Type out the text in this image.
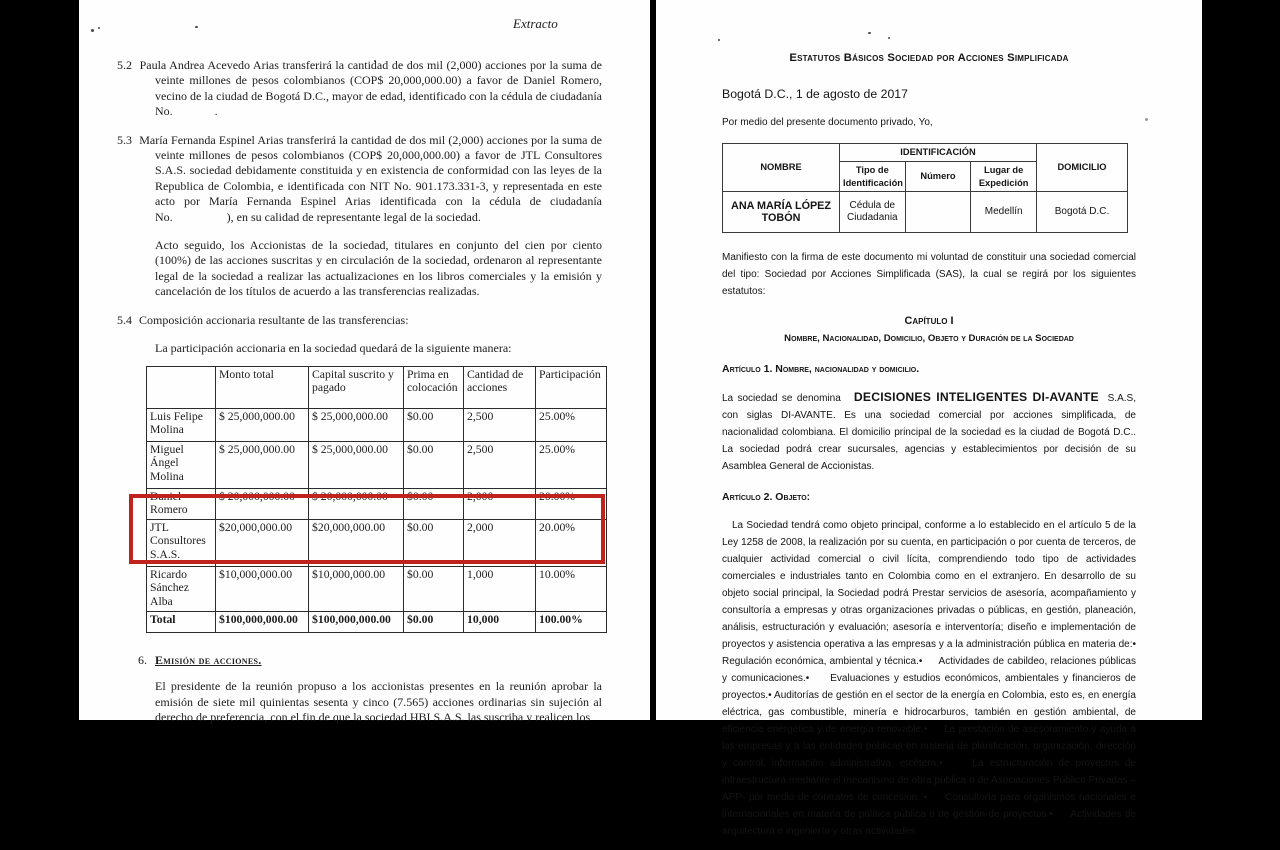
Extracto

5.2 Paula Andrea Acevedo Arias transferirá la cantidad de dos mil (2,000) acciones por la suma de veinte millones de pesos colombianos (COP$ 20,000,000.00) a favor de Daniel Romero, vecino de la ciudad de Bogotá D.C., mayor de edad, identificado con la cédula de ciudadanía No.              .

5.3 María Fernanda Espinel Arias transferirá la cantidad de dos mil (2,000) acciones por la suma de veinte millones de pesos colombianos (COP$ 20,000,000.00) a favor de JTL Consultores S.A.S. sociedad debidamente constituida y en existencia de conformidad con las leyes de la Republica de Colombia, e identificada con NIT No. 901.173.331-3, y representada en este acto por María Fernanda Espinel Arias identificada con la cédula de ciudadanía No.                  ), en su calidad de representante legal de la sociedad.

Acto seguido, los Accionistas de la sociedad, titulares en conjunto del cien por ciento (100%) de las acciones suscritas y en circulación de la sociedad, ordenaron al representante legal de la sociedad a realizar las actualizaciones en los libros comerciales y la emisión y cancelación de los títulos de acuerdo a las transferencias realizadas.

5.4 Composición accionaria resultante de las transferencias:

La participación accionaria en la sociedad quedará de la siguiente manera:

	Monto total	Capital suscrito y pagado	Prima en colocación	Cantidad de acciones	Participación
Luis Felipe Molina	$ 25,000,000.00	$ 25,000,000.00	$0.00	2,500	25.00%
Miguel Ángel Molina	$ 25,000,000.00	$ 25,000,000.00	$0.00	2,500	25.00%
Daniel Romero	$ 20,000,000.00	$ 20,000,000.00	$0.00	2,000	20.00%
JTL Consultores S.A.S.	$20,000,000.00	$20,000,000.00	$0.00	2,000	20.00%
Ricardo Sánchez Alba	$10,000,000.00	$10,000,000.00	$0.00	1,000	10.00%
Total	$100,000,000.00	$100,000,000.00	$0.00	10,000	100.00%

6. Emisión de acciones.

El presidente de la reunión propuso a los accionistas presentes en la reunión aprobar la emisión de siete mil quinientas sesenta y cinco (7.565) acciones ordinarias sin sujeción al derecho de preferencia, con el fin de que la sociedad HBI S.A.S. las suscriba y realicen los

Estatutos Básicos Sociedad por Acciones Simplificada
Bogotá D.C., 1 de agosto de 2017
Por medio del presente documento privado, Yo,
NOMBRE	IDENTIFICACIÓN			DOMICILIO
	Tipo de Identificación	Número	Lugar de Expedición	
ANA MARÍA LÓPEZ TOBÓN	Cédula de Ciudadania		Medellín	Bogotá D.C.

Manifiesto con la firma de este documento mi voluntad de constituir una sociedad comercial del tipo: Sociedad por Acciones Simplificada (SAS), la cual se regirá por los siguientes estatutos:

Capítulo I
Nombre, Nacionalidad, Domicilio, Objeto y Duración de la Sociedad
Artículo 1. Nombre, nacionalidad y domicilio.

La sociedad se denomina DECISIONES INTELIGENTES DI-AVANTE S.A.S, con siglas DI-AVANTE. Es una sociedad comercial por acciones simplificada, de nacionalidad colombiana. El domicilio principal de la sociedad es la ciudad de Bogotá D.C.. La sociedad podrá crear sucursales, agencias y establecimientos por decisión de su Asamblea General de Accionistas.

Artículo 2. Objeto:

La Sociedad tendrá como objeto principal, conforme a lo establecido en el artículo 5 de la Ley 1258 de 2008, la realización por su cuenta, en participación o por cuenta de terceros, de cualquier actividad comercial o civil lícita, comprendiendo todo tipo de actividades comerciales e industriales tanto en Colombia como en el extranjero. En desarrollo de su objeto social principal, la Sociedad podrá Prestar servicios de asesoría, acompañamiento y consultoría a empresas y otras organizaciones privadas o públicas, en gestión, planeación, análisis, estructuración y evaluación; asesoría e interventoría; diseño e implementación de proyectos y asistencia operativa a las empresas y a la administración pública en materia de:• Regulación económica, ambiental y técnica.•     Actividades de cabildeo, relaciones públicas y comunicaciones.•     Evaluaciones y estudios económicos, ambientales y financieros de proyectos.• Auditorías de gestión en el sector de la energía en Colombia, esto es, en energía eléctrica, gas combustible, minería e hidrocarburos, también en gestión ambiental, de eficiencia energética y de energía renovable.•     La prestación de asesoramiento y ayuda a las empresas y a las entidades públicas en materia de planificación, organización, dirección y control, información administrativa, etcétera.•     La estructuración de proyectos de infraestructura mediante el mecanismo de obra pública o de Asociaciones Público Privadas –APP- por medio de contratos de concesión. •     Consultoría para organismos nacionales e internacionales en materia de política pública o de gestión de proyectos.•     Actividades de arquitectura e ingeniería y otras actividades
